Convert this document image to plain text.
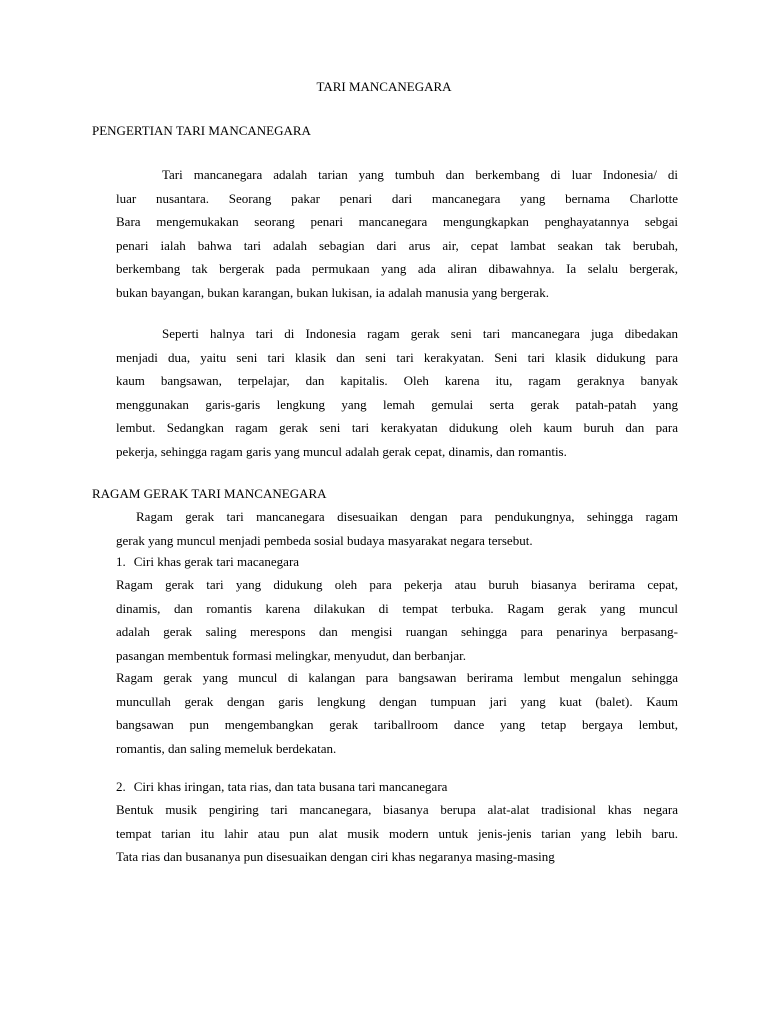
TARI MANCANEGARA
PENGERTIAN TARI MANCANEGARA
Tari mancanegara adalah tarian yang tumbuh dan berkembang di luar Indonesia/ di
luar nusantara. Seorang pakar penari dari mancanegara yang bernama Charlotte
Bara mengemukakan seorang penari mancanegara mengungkapkan penghayatannya sebgai
penari ialah bahwa tari adalah sebagian dari arus air, cepat lambat seakan tak berubah,
berkembang tak bergerak pada permukaan yang ada aliran dibawahnya. Ia selalu bergerak,
bukan bayangan, bukan karangan, bukan lukisan, ia adalah manusia yang bergerak.
Seperti halnya tari di Indonesia ragam gerak seni tari mancanegara juga dibedakan
menjadi dua, yaitu seni tari klasik dan seni tari kerakyatan. Seni tari klasik didukung para
kaum bangsawan, terpelajar, dan kapitalis. Oleh karena itu, ragam geraknya banyak
menggunakan garis-garis lengkung yang lemah gemulai serta gerak patah-patah yang
lembut. Sedangkan ragam gerak seni tari kerakyatan didukung oleh kaum buruh dan para
pekerja, sehingga ragam garis yang muncul adalah gerak cepat, dinamis, dan romantis.
RAGAM GERAK TARI MANCANEGARA
Ragam gerak tari mancanegara disesuaikan dengan para pendukungnya, sehingga ragam
gerak yang muncul menjadi pembeda sosial budaya masyarakat negara tersebut.
1. Ciri khas gerak tari macanegara
Ragam gerak tari yang didukung oleh para pekerja atau buruh biasanya berirama cepat,
dinamis, dan romantis karena dilakukan di tempat terbuka. Ragam gerak yang muncul
adalah gerak saling merespons dan mengisi ruangan sehingga para penarinya berpasang-
pasangan membentuk formasi melingkar, menyudut, dan berbanjar.
Ragam gerak yang muncul di kalangan para bangsawan berirama lembut mengalun sehingga
muncullah gerak dengan garis lengkung dengan tumpuan jari yang kuat (balet). Kaum
bangsawan pun mengembangkan gerak tariballroom dance yang tetap bergaya lembut,
romantis, dan saling memeluk berdekatan.
2. Ciri khas iringan, tata rias, dan tata busana tari mancanegara
Bentuk musik pengiring tari mancanegara, biasanya berupa alat-alat tradisional khas negara
tempat tarian itu lahir atau pun alat musik modern untuk jenis-jenis tarian yang lebih baru.
Tata rias dan busananya pun disesuaikan dengan ciri khas negaranya masing-masing
